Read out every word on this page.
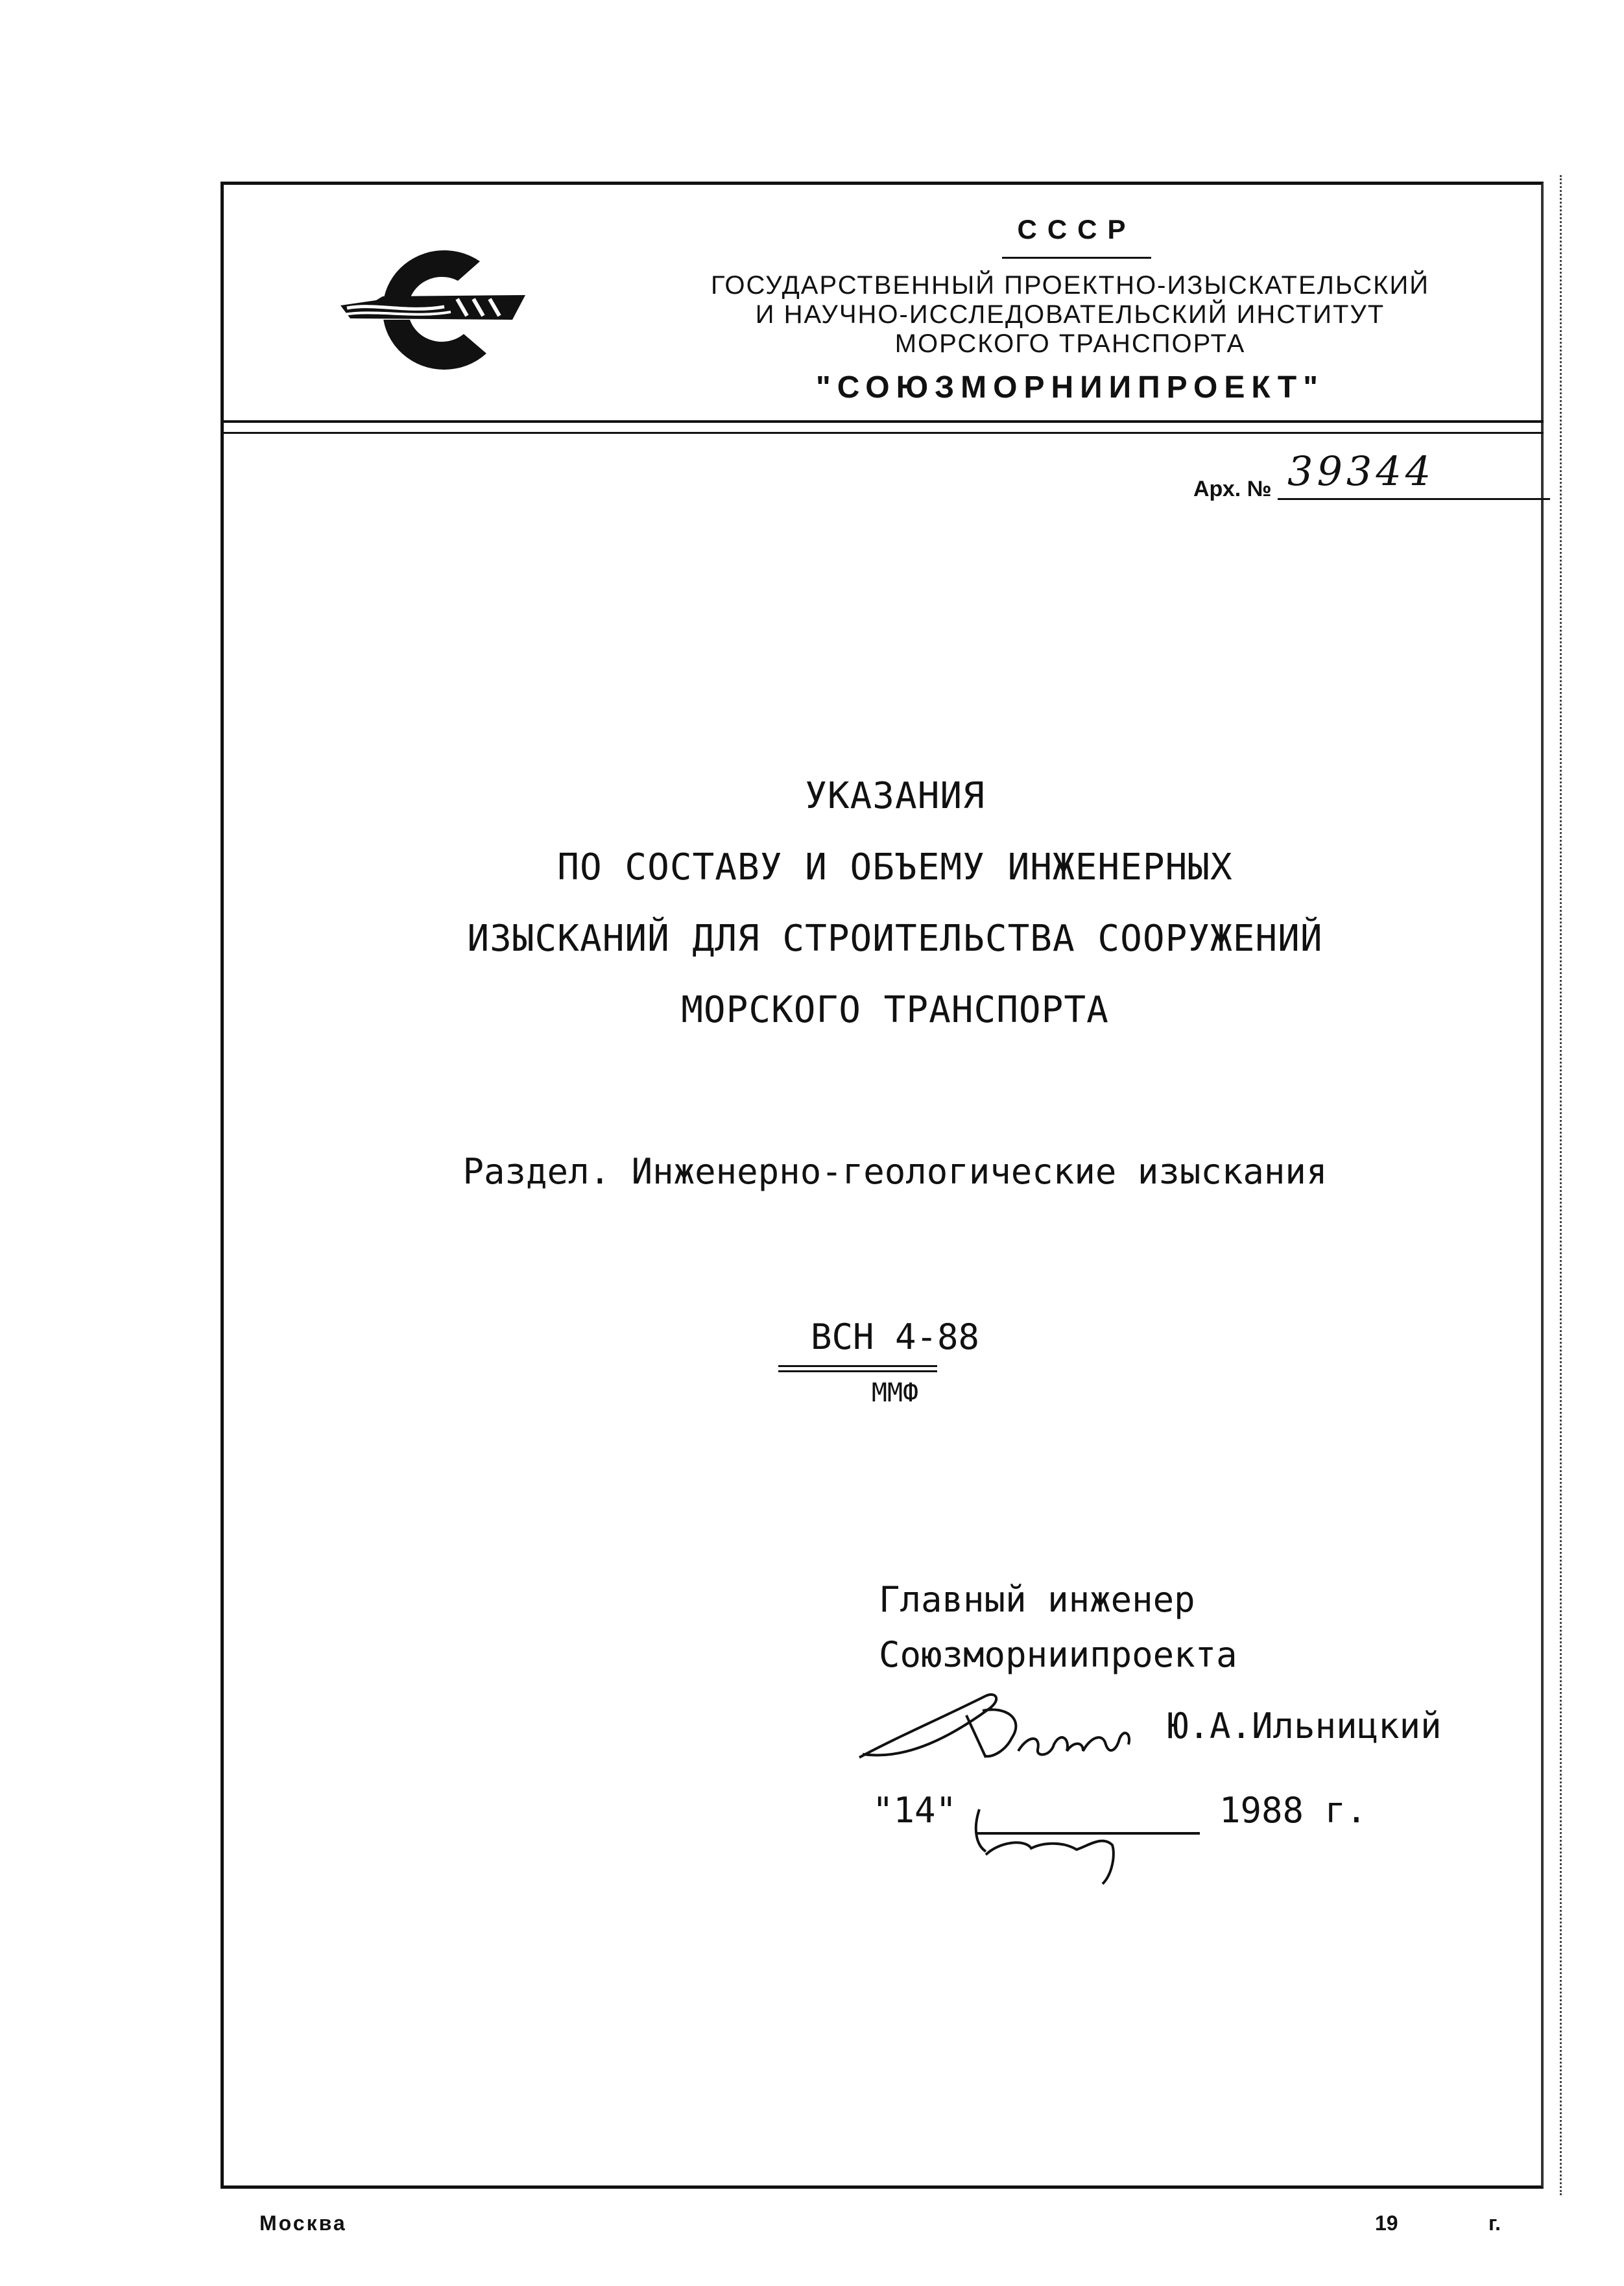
СССР
ГОСУДАРСТВЕННЫЙ ПРОЕКТНО-ИЗЫСКАТЕЛЬСКИЙ
И НАУЧНО-ИССЛЕДОВАТЕЛЬСКИЙ ИНСТИТУТ
МОРСКОГО ТРАНСПОРТА
"СОЮЗМОРНИИПРОЕКТ"
Арх. № 39344
УКАЗАНИЯ
ПО СОСТАВУ И ОБЪЕМУ ИНЖЕНЕРНЫХ
ИЗЫСКАНИЙ ДЛЯ СТРОИТЕЛЬСТВА СООРУЖЕНИЙ
МОРСКОГО ТРАНСПОРТА
Раздел. Инженерно-геологические изыскания
ВСН 4-88
ММФ
Главный инженер
Союзморниипроекта
Ю.А.Ильницкий
"14"	1988 г.
Москва	19	г.
